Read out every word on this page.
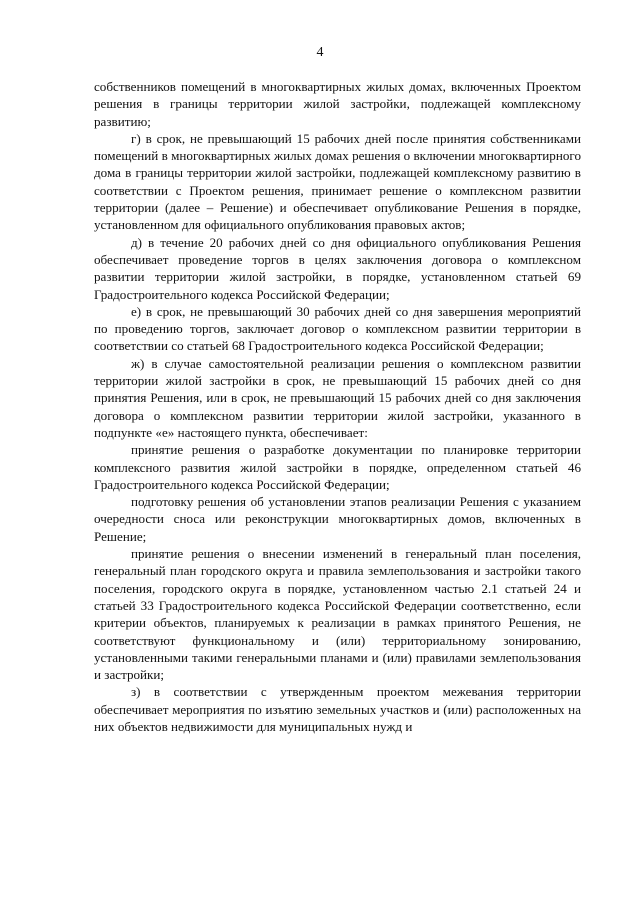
4

собственников помещений в многоквартирных жилых домах, включенных Проектом решения в границы территории жилой застройки, подлежащей комплексному развитию;

г) в срок, не превышающий 15 рабочих дней после принятия собственниками помещений в многоквартирных жилых домах решения о включении многоквартирного дома в границы территории жилой застройки, подлежащей комплексному развитию в соответствии с Проектом решения, принимает решение о комплексном развитии территории (далее – Решение) и обеспечивает опубликование Решения в порядке, установленном для официального опубликования правовых актов;

д) в течение 20 рабочих дней со дня официального опубликования Решения обеспечивает проведение торгов в целях заключения договора о комплексном развитии территории жилой застройки, в порядке, установленном статьей 69 Градостроительного кодекса Российской Федерации;

е) в срок, не превышающий 30 рабочих дней со дня завершения мероприятий по проведению торгов, заключает договор о комплексном развитии территории в соответствии со статьей 68 Градостроительного кодекса Российской Федерации;

ж) в случае самостоятельной реализации решения о комплексном развитии территории жилой застройки в срок, не превышающий 15 рабочих дней со дня принятия Решения, или в срок, не превышающий 15 рабочих дней со дня заключения договора о комплексном развитии территории жилой застройки, указанного в подпункте «е» настоящего пункта, обеспечивает:

принятие решения о разработке документации по планировке территории комплексного развития жилой застройки в порядке, определенном статьей 46 Градостроительного кодекса Российской Федерации;

подготовку решения об установлении этапов реализации Решения с указанием очередности сноса или реконструкции многоквартирных домов, включенных в Решение;

принятие решения о внесении изменений в генеральный план поселения, генеральный план городского округа и правила землепользования и застройки такого поселения, городского округа в порядке, установленном частью 2.1 статьей 24 и статьей 33 Градостроительного кодекса Российской Федерации соответственно, если критерии объектов, планируемых к реализации в рамках принятого Решения, не соответствуют функциональному и (или) территориальному зонированию, установленными такими генеральными планами и (или) правилами землепользования и застройки;

з) в соответствии с утвержденным проектом межевания территории обеспечивает мероприятия по изъятию земельных участков и (или) расположенных на них объектов недвижимости для муниципальных нужд и
